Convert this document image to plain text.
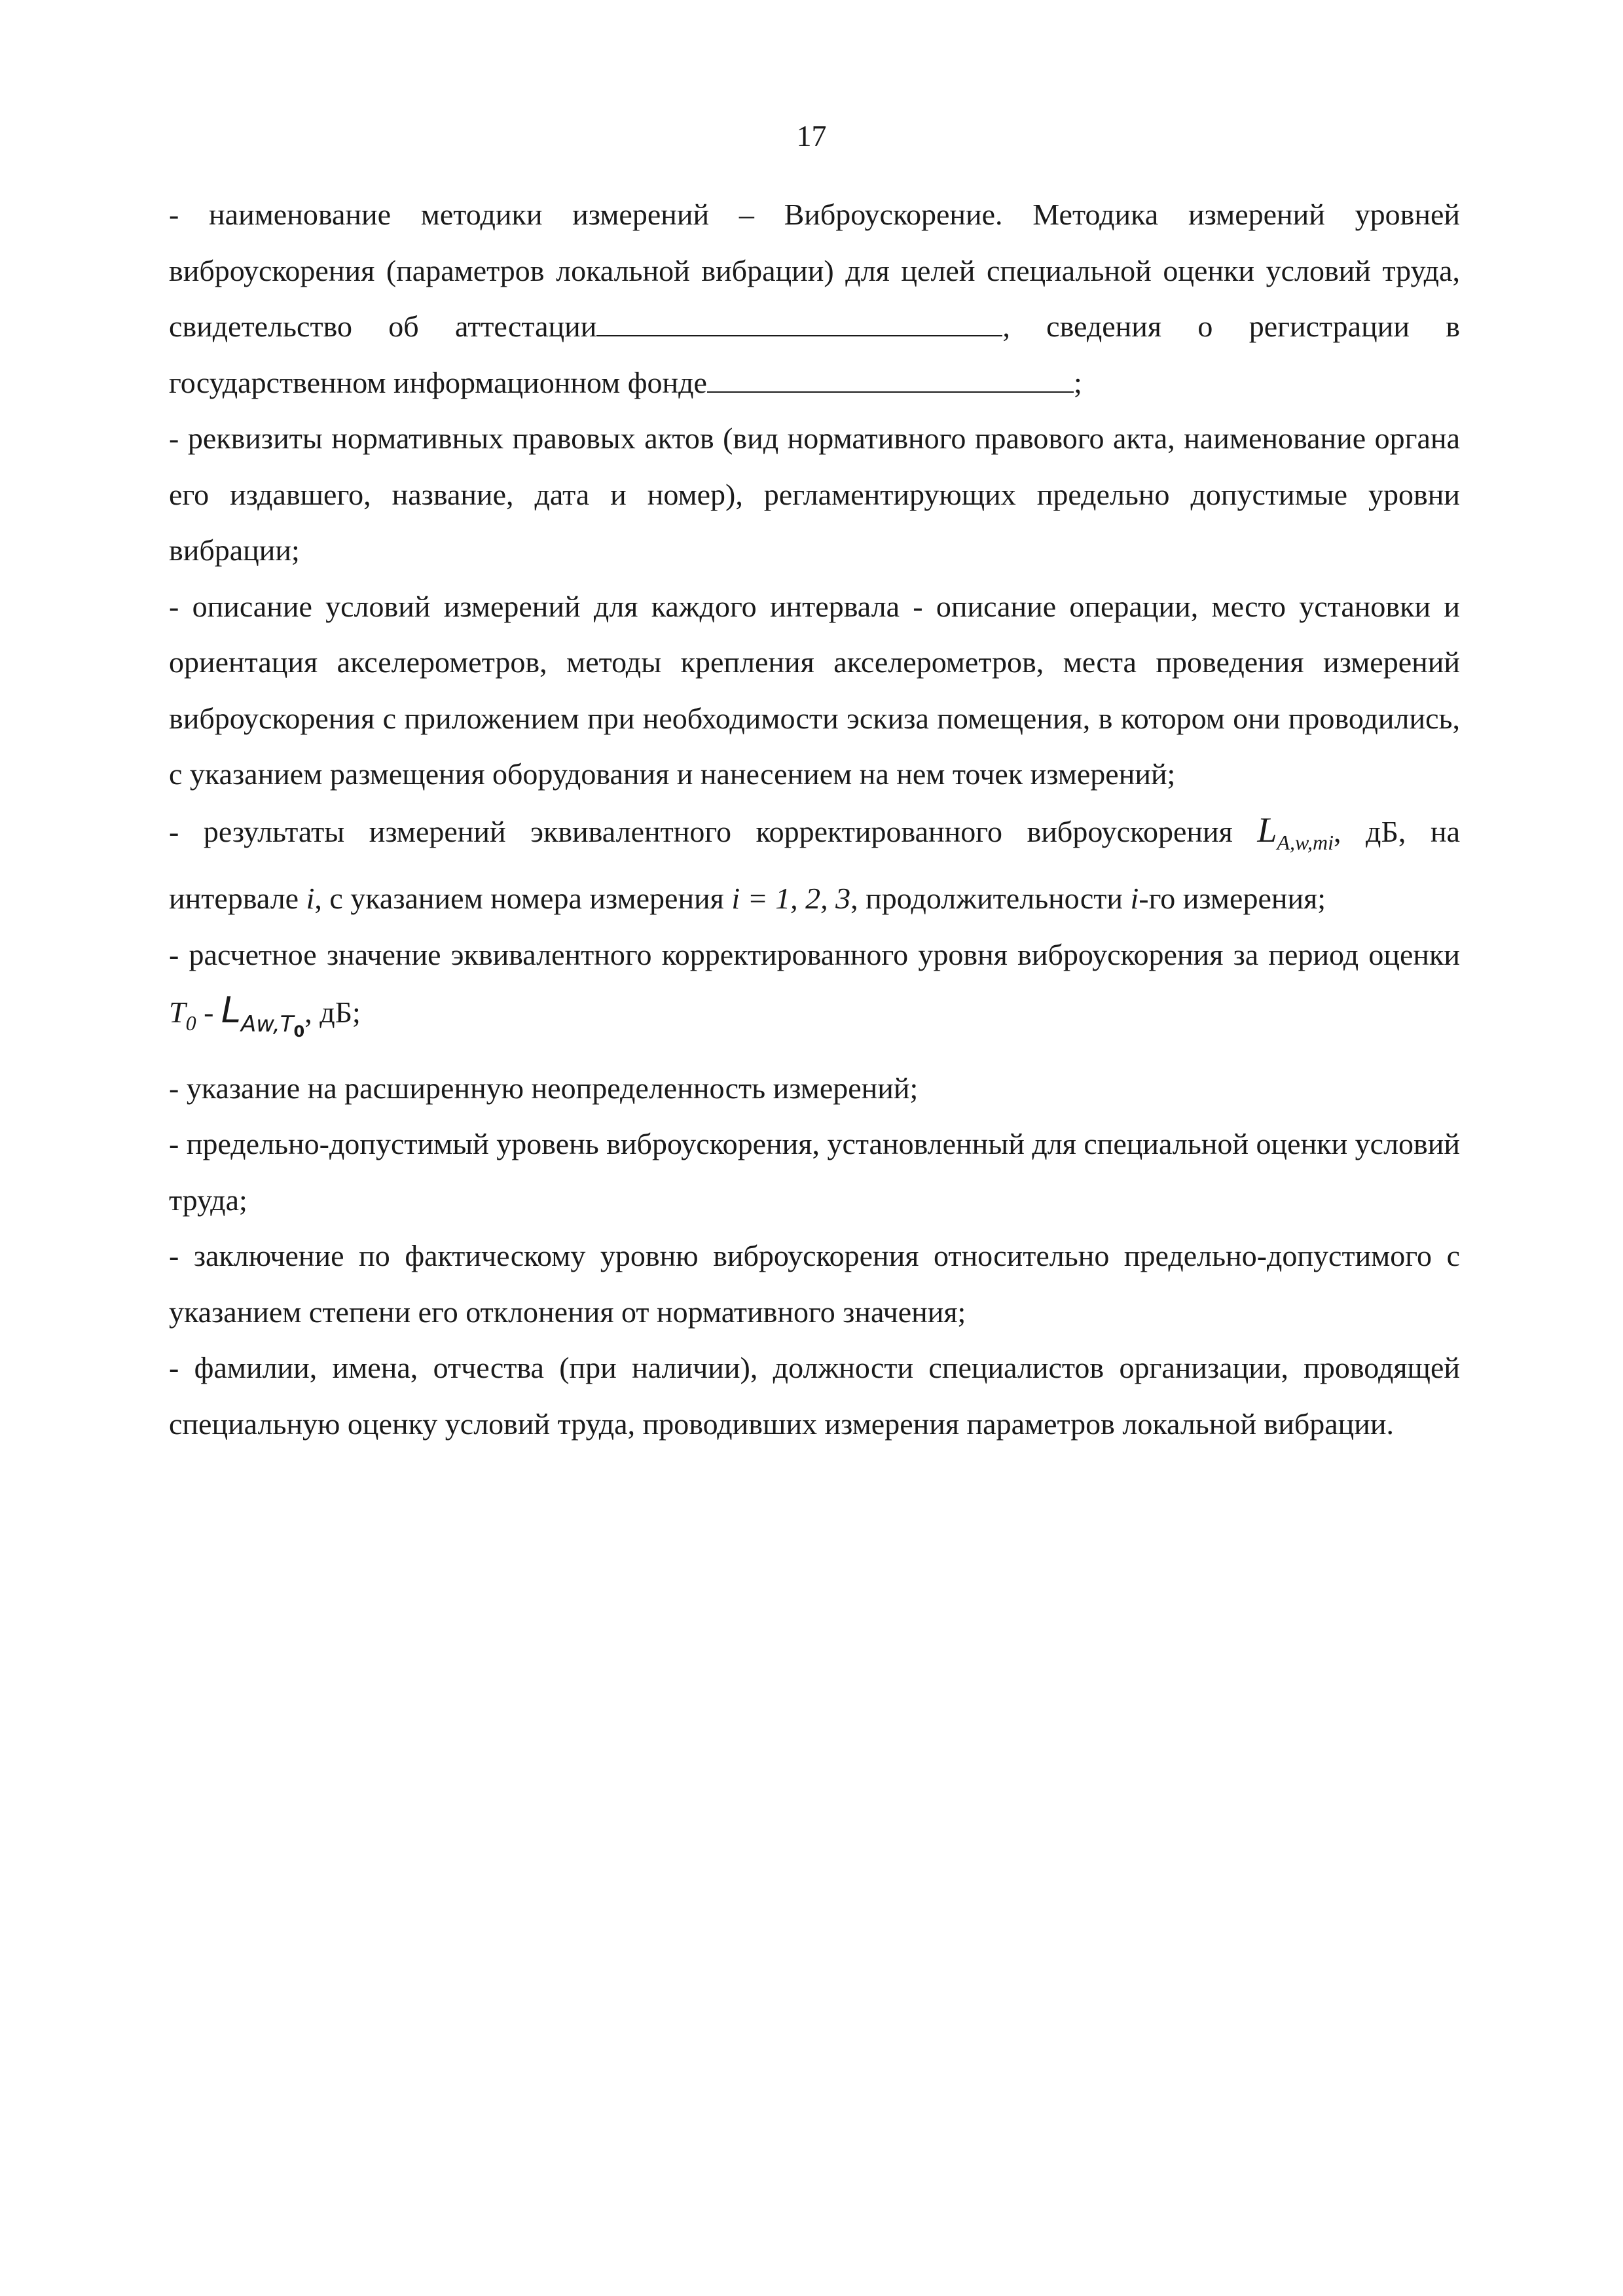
17

- наименование методики измерений – Виброускорение. Методика измерений уровней виброускорения (параметров локальной вибрации) для целей специальной оценки условий труда, свидетельство об аттестации	, сведения о регистрации в государственном информационном фонде	;

- реквизиты нормативных правовых актов (вид нормативного правового акта, наименование органа его издавшего, название, дата и номер), регламентирующих предельно допустимые уровни вибрации;

- описание условий измерений для каждого интервала - описание операции, место установки и ориентация акселерометров, методы крепления акселерометров, места проведения измерений виброускорения с приложением при необходимости эскиза помещения, в котором они проводились, с указанием размещения оборудования и нанесением на нем точек измерений;

- результаты измерений эквивалентного корректированного виброускорения $L_{A,w,mi}$, дБ, на интервале i, с указанием номера измерения i = 1, 2, 3, продолжительности i-го измерения;

- расчетное значение эквивалентного корректированного уровня виброускорения за период оценки $T_0 - L_{Aw,T_0}$, дБ;

- указание на расширенную неопределенность измерений;

- предельно-допустимый уровень виброускорения, установленный для специальной оценки условий труда;

- заключение по фактическому уровню виброускорения относительно предельно-допустимого с указанием степени его отклонения от нормативного значения;

- фамилии, имена, отчества (при наличии), должности специалистов организации, проводящей специальную оценку условий труда, проводивших измерения параметров локальной вибрации.
